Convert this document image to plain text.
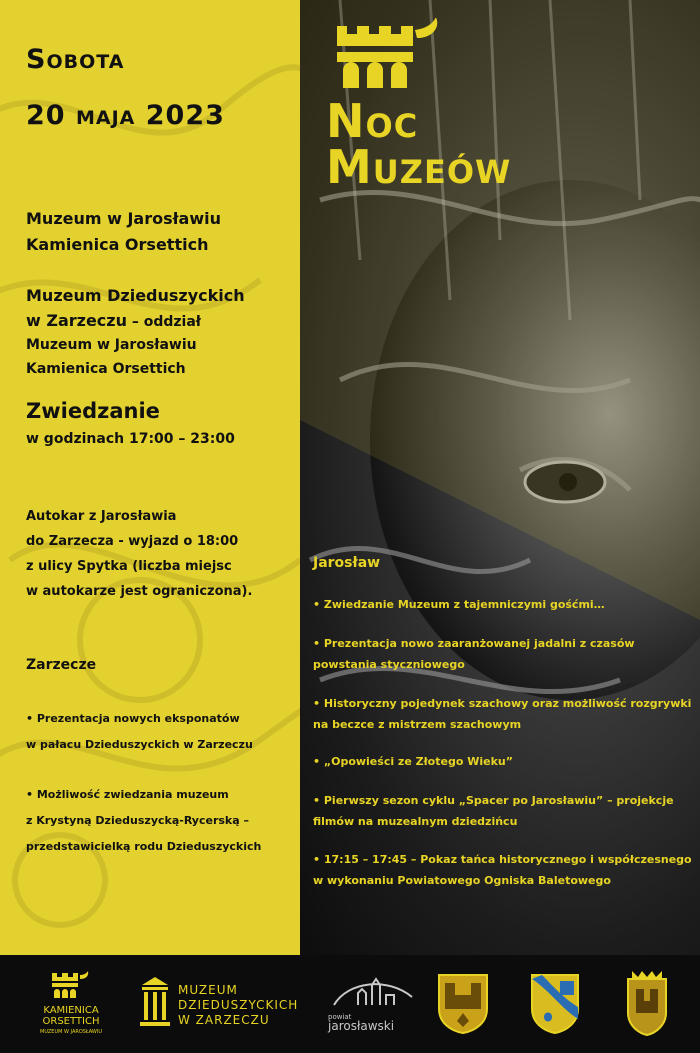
Sobota
20 maja 2023
Muzeum w Jarosławiu
Kamienica Orsettich
Muzeum Dzieduszyckich
w Zarzeczu – oddział
Muzeum w Jarosławiu
Kamienica Orsettich
Zwiedzanie
w godzinach 17:00 – 23:00
Autokar z Jarosławia
do Zarzecza - wyjazd o 18:00
z ulicy Spytka (liczba miejsc
w autokarze jest ograniczona).
Zarzecze
• Prezentacja nowych eksponatów
w pałacu Dzieduszyckich w Zarzeczu
• Możliwość zwiedzania muzeum
z Krystyną Dzieduszycką-Rycerską –
przedstawicielką rodu Dzieduszyckich
Noc
Muzeów
Jarosław
• Zwiedzanie Muzeum z tajemniczymi gośćmi…
• Prezentacja nowo zaaranżowanej jadalni z czasów
powstania styczniowego
• Historyczny pojedynek szachowy oraz możliwość rozgrywki
na beczce z mistrzem szachowym
• „Opowieści ze Złotego Wieku”
• Pierwszy sezon cyklu „Spacer po Jarosławiu” – projekcje
filmów na muzealnym dziedzińcu
• 17:15 – 17:45 – Pokaz tańca historycznego i współczesnego
w wykonaniu Powiatowego Ogniska Baletowego
KAMIENICA
ORSETTICH
MUZEUM W JAROSŁAWIU
MUZEUM
DZIEDUSZYCKICH
W ZARZECZU	powiat
jarosławski
